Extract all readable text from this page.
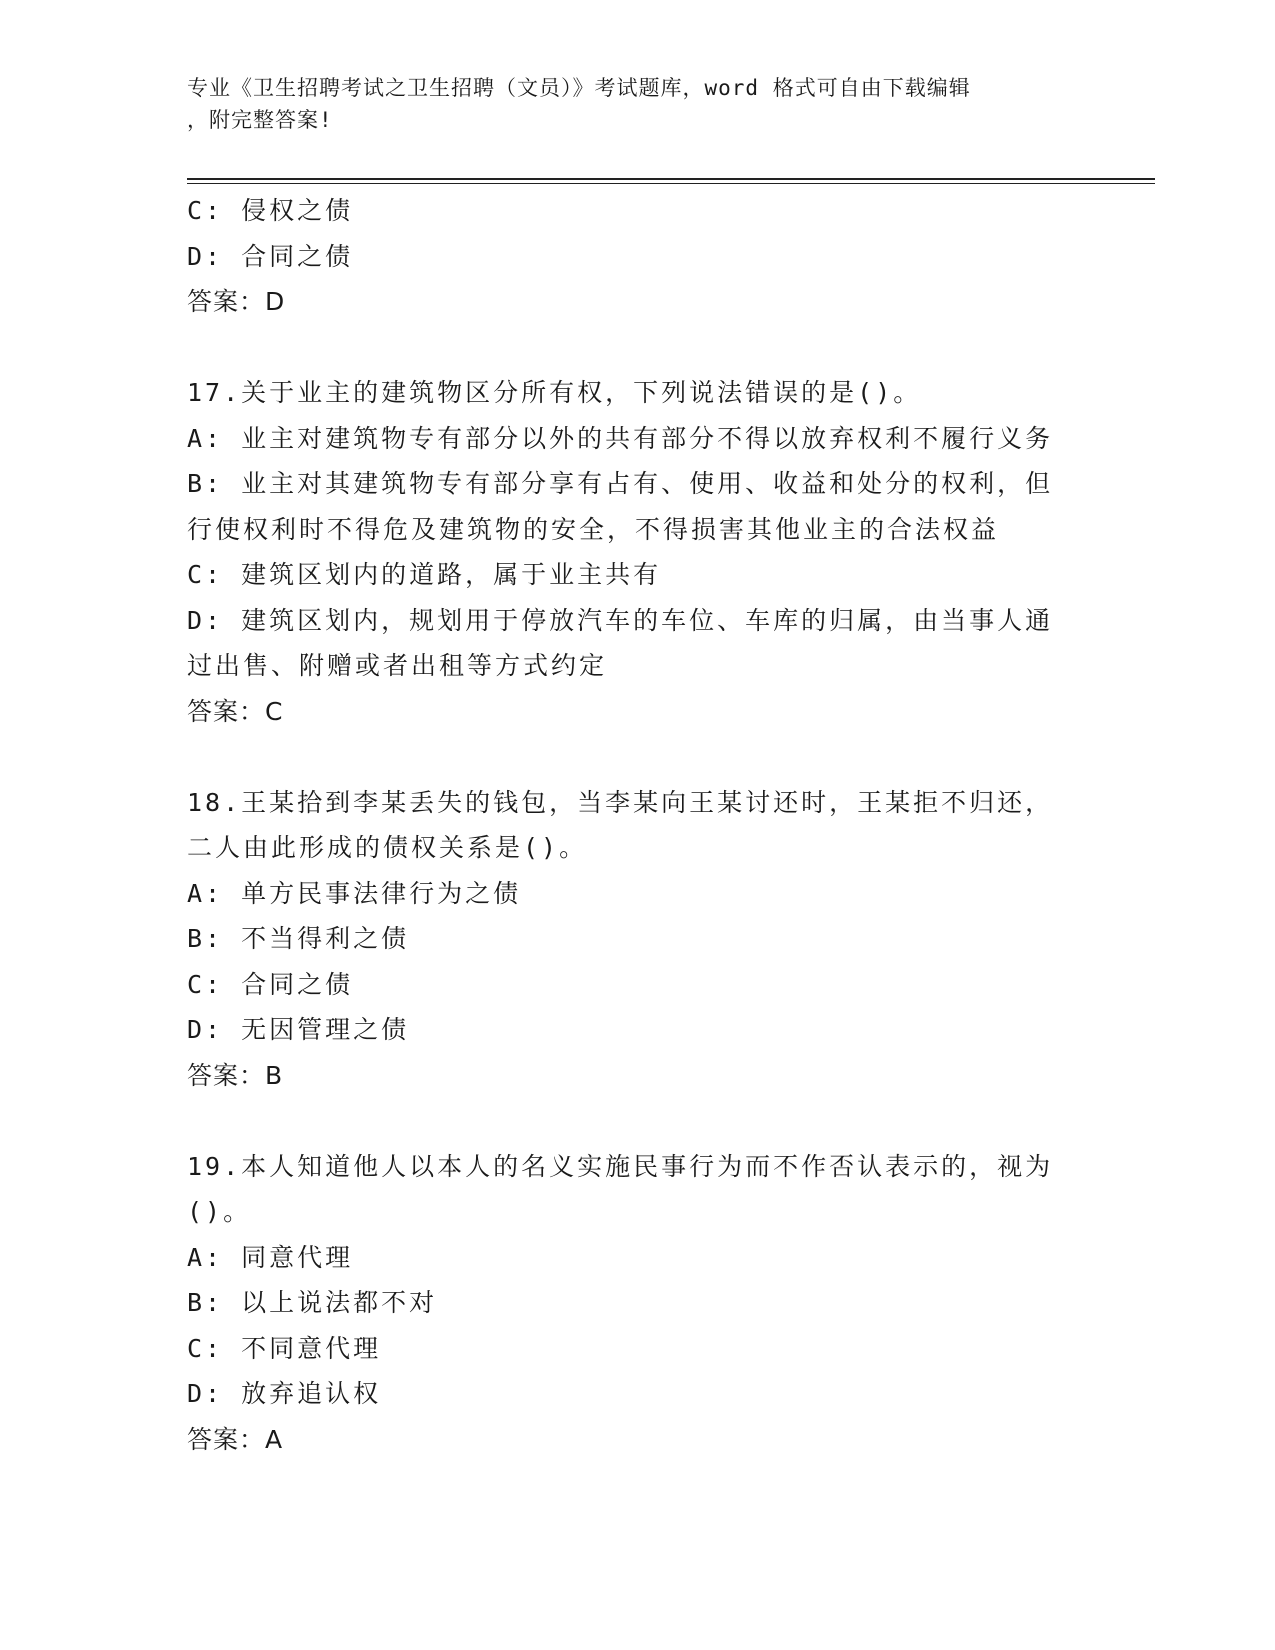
专业《卫生招聘考试之卫生招聘（文员）》考试题库，word 格式可自由下载编辑
，附完整答案!
C: 侵权之债
D: 合同之债
答案：D
17.关于业主的建筑物区分所有权，下列说法错误的是()。
A: 业主对建筑物专有部分以外的共有部分不得以放弃权利不履行义务
B: 业主对其建筑物专有部分享有占有、使用、收益和处分的权利，但
行使权利时不得危及建筑物的安全，不得损害其他业主的合法权益
C: 建筑区划内的道路，属于业主共有
D: 建筑区划内，规划用于停放汽车的车位、车库的归属，由当事人通
过出售、附赠或者出租等方式约定
答案：C
18.王某拾到李某丢失的钱包，当李某向王某讨还时，王某拒不归还，
二人由此形成的债权关系是()。
A: 单方民事法律行为之债
B: 不当得利之债
C: 合同之债
D: 无因管理之债
答案：B
19.本人知道他人以本人的名义实施民事行为而不作否认表示的，视为
()。
A: 同意代理
B: 以上说法都不对
C: 不同意代理
D: 放弃追认权
答案：A
